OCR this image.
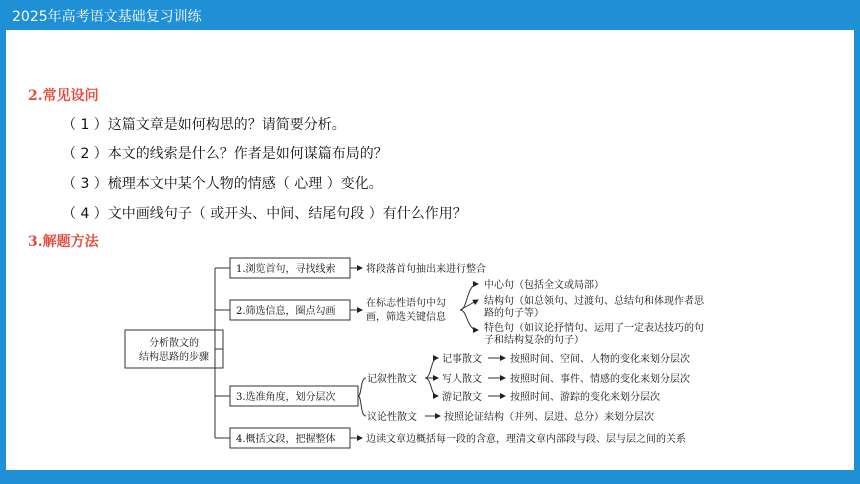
2025年高考语文基础复习训练
2.常见设问
（ 1 ）这篇文章是如何构思的？请简要分析。
（ 2 ）本文的线索是什么？作者是如何谋篇布局的？
（ 3 ）梳理本文中某个人物的情感（ 心理 ）变化。
（ 4 ）文中画线句子（ 或开头、中间、结尾句段 ）有什么作用？
3.解题方法
分析散文的
结构思路的步骤
1.浏览首句，寻找线索	将段落首句抽出来进行整合
2.筛选信息，圈点勾画
在标志性语句中勾
画，筛选关键信息
中心句（包括全文或局部）
结构句（如总领句、过渡句、总结句和体现作者思
路的句子等）
特色句（如议论抒情句、运用了一定表达技巧的句
子和结构复杂的句子）
3.选准角度，划分层次
记叙性散文
记事散文	按照时间、空间、人物的变化来划分层次
写人散文	按照时间、事件、情感的变化来划分层次
游记散文	按照时间、游踪的变化来划分层次
议论性散文	按照论证结构（并列、层进、总分）来划分层次
4.概括文段，把握整体	边读文章边概括每一段的含意，理清文章内部段与段、层与层之间的关系
